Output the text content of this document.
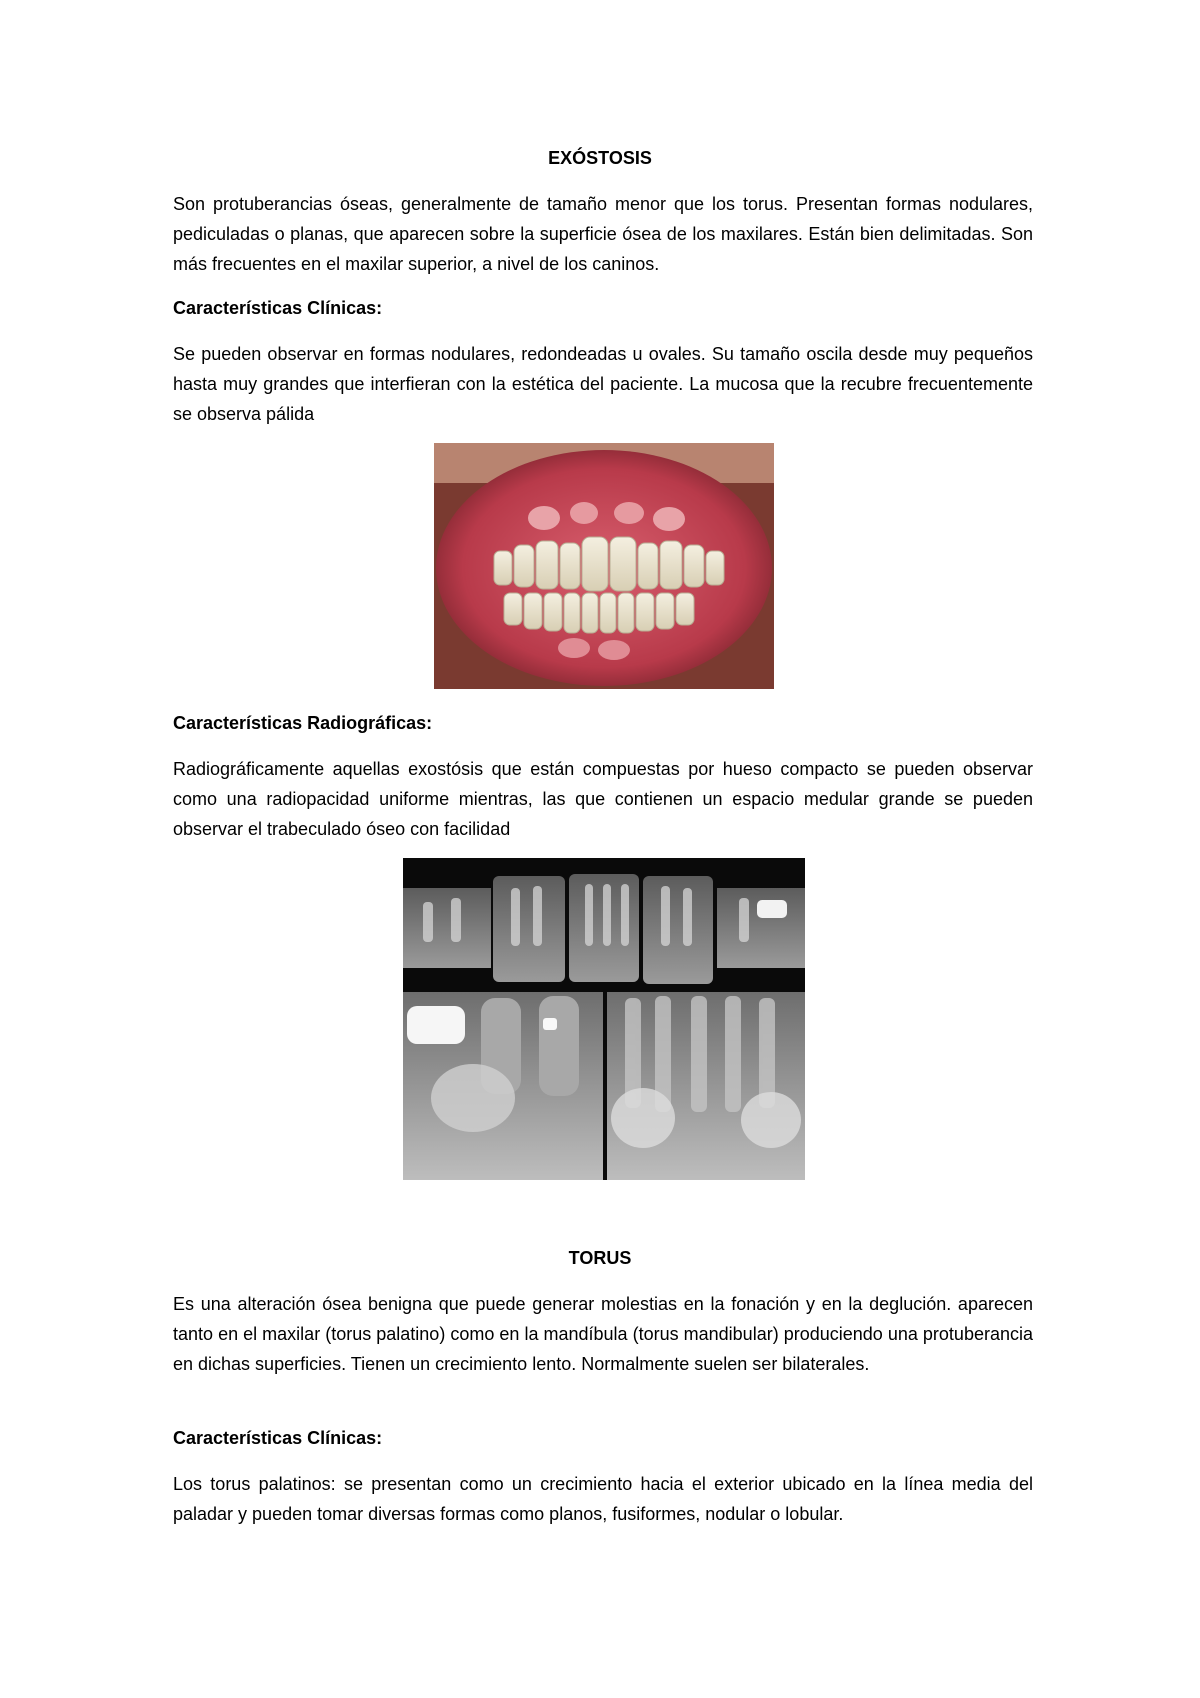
EXÓSTOSIS

Son protuberancias óseas, generalmente de tamaño menor que los torus. Presentan formas nodulares, pediculadas o planas, que aparecen sobre la superficie ósea de los maxilares. Están bien delimitadas. Son más frecuentes en el maxilar superior, a nivel de los caninos.

Características Clínicas:

Se pueden observar en formas nodulares, redondeadas u ovales. Su tamaño oscila desde muy pequeños hasta muy grandes que interfieran con la estética del paciente. La mucosa que la recubre frecuentemente se observa pálida

Características Radiográficas:

Radiográficamente aquellas exostósis que están compuestas por hueso compacto se pueden observar como una radiopacidad uniforme mientras, las que contienen un espacio medular grande se pueden observar el trabeculado óseo con facilidad

TORUS

Es una alteración ósea benigna que puede generar molestias en la fonación y en la deglución. aparecen tanto en el maxilar (torus palatino) como en la mandíbula (torus mandibular) produciendo una protuberancia en dichas superficies. Tienen un crecimiento lento. Normalmente suelen ser bilaterales.

Características Clínicas:

Los torus palatinos: se presentan como un crecimiento hacia el exterior ubicado en la línea media del paladar y pueden tomar diversas formas como planos, fusiformes, nodular o lobular.
